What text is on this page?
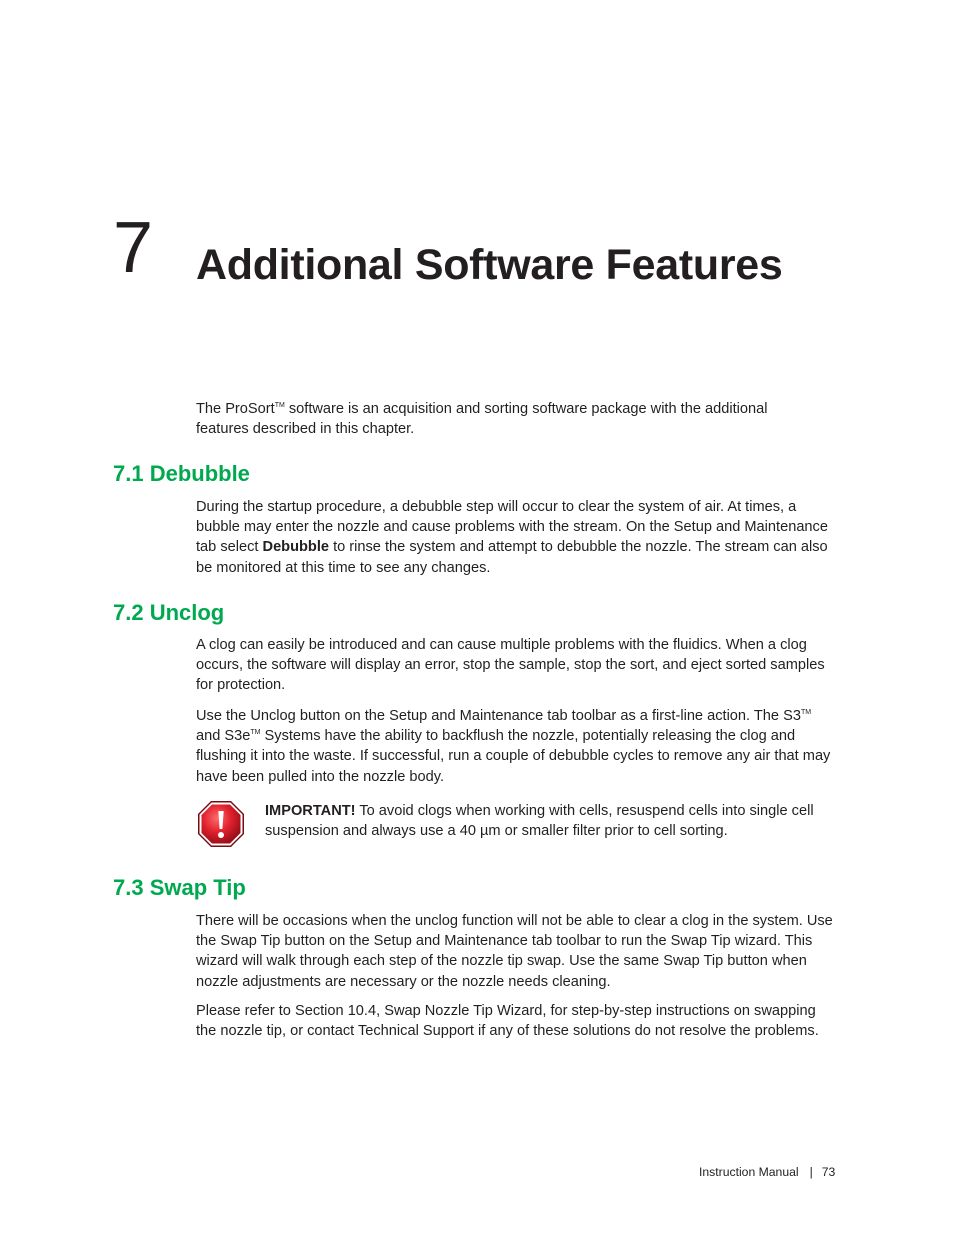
7 Additional Software Features

The ProSort™ software is an acquisition and sorting software package with the additional features described in this chapter.

7.1 Debubble

During the startup procedure, a debubble step will occur to clear the system of air. At times, a bubble may enter the nozzle and cause problems with the stream. On the Setup and Maintenance tab select Debubble to rinse the system and attempt to debubble the nozzle. The stream can also be monitored at this time to see any changes.

7.2 Unclog

A clog can easily be introduced and can cause multiple problems with the fluidics. When a clog occurs, the software will display an error, stop the sample, stop the sort, and eject sorted samples for protection.

Use the Unclog button on the Setup and Maintenance tab toolbar as a first-line action. The S3™ and S3e™ Systems have the ability to backflush the nozzle, potentially releasing the clog and flushing it into the waste. If successful, run a couple of debubble cycles to remove any air that may have been pulled into the nozzle body.

IMPORTANT! To avoid clogs when working with cells, resuspend cells into single cell suspension and always use a 40 µm or smaller filter prior to cell sorting.

7.3 Swap Tip

There will be occasions when the unclog function will not be able to clear a clog in the system. Use the Swap Tip button on the Setup and Maintenance tab toolbar to run the Swap Tip wizard. This wizard will walk through each step of the nozzle tip swap. Use the same Swap Tip button when nozzle adjustments are necessary or the nozzle needs cleaning.

Please refer to Section 10.4, Swap Nozzle Tip Wizard, for step-by-step instructions on swapping the nozzle tip, or contact Technical Support if any of these solutions do not resolve the problems.

Instruction Manual | 73
